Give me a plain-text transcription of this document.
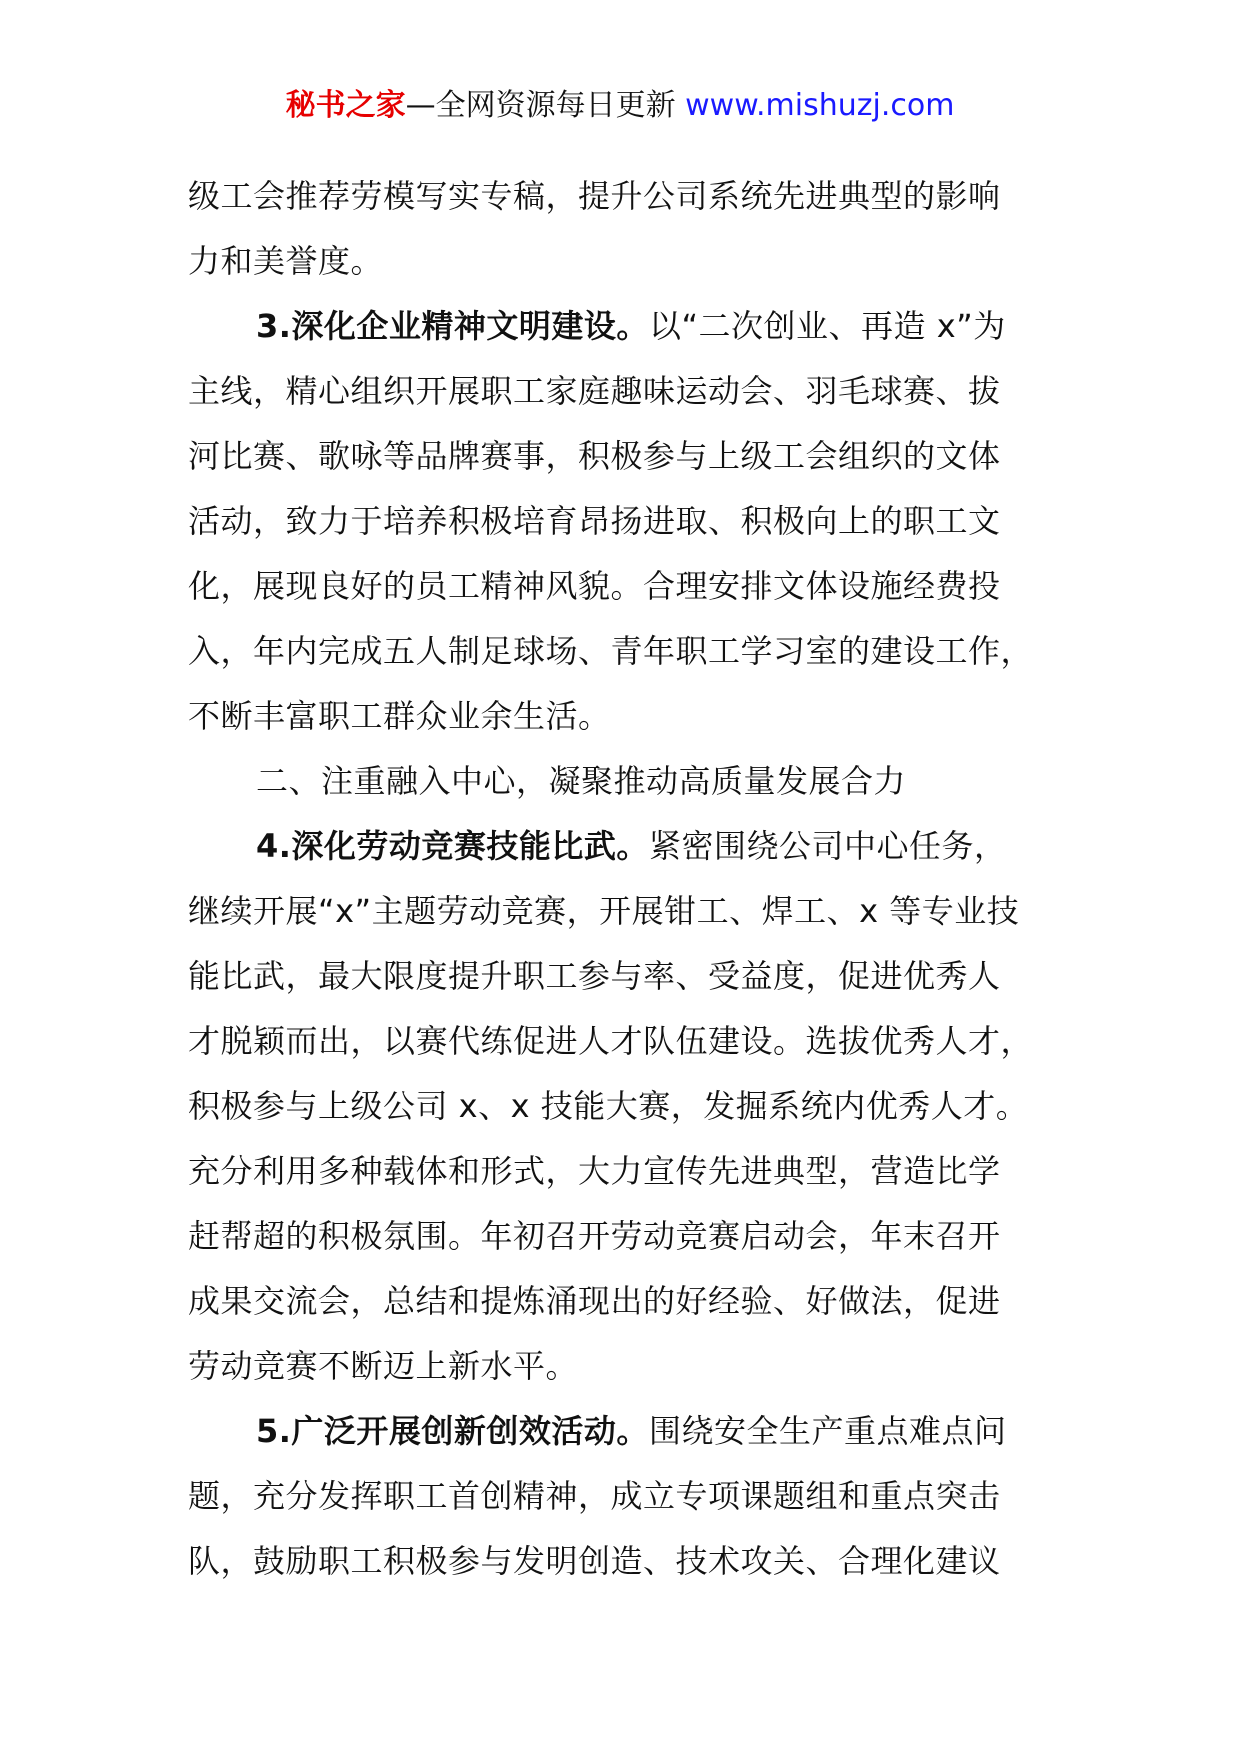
秘书之家—全网资源每日更新 www.mishuzj.com
级工会推荐劳模写实专稿，提升公司系统先进典型的影响
力和美誉度。
3.深化企业精神文明建设。以“二次创业、再造 x”为
主线，精心组织开展职工家庭趣味运动会、羽毛球赛、拔
河比赛、歌咏等品牌赛事，积极参与上级工会组织的文体
活动，致力于培养积极培育昂扬进取、积极向上的职工文
化，展现良好的员工精神风貌。合理安排文体设施经费投
入，年内完成五人制足球场、青年职工学习室的建设工作，
不断丰富职工群众业余生活。
二、注重融入中心，凝聚推动高质量发展合力
4.深化劳动竞赛技能比武。紧密围绕公司中心任务，
继续开展“x”主题劳动竞赛，开展钳工、焊工、x 等专业技
能比武，最大限度提升职工参与率、受益度，促进优秀人
才脱颖而出，以赛代练促进人才队伍建设。选拔优秀人才，
积极参与上级公司 x、x 技能大赛，发掘系统内优秀人才。
充分利用多种载体和形式，大力宣传先进典型，营造比学
赶帮超的积极氛围。年初召开劳动竞赛启动会，年末召开
成果交流会，总结和提炼涌现出的好经验、好做法，促进
劳动竞赛不断迈上新水平。
5.广泛开展创新创效活动。围绕安全生产重点难点问
题，充分发挥职工首创精神，成立专项课题组和重点突击
队，鼓励职工积极参与发明创造、技术攻关、合理化建议
